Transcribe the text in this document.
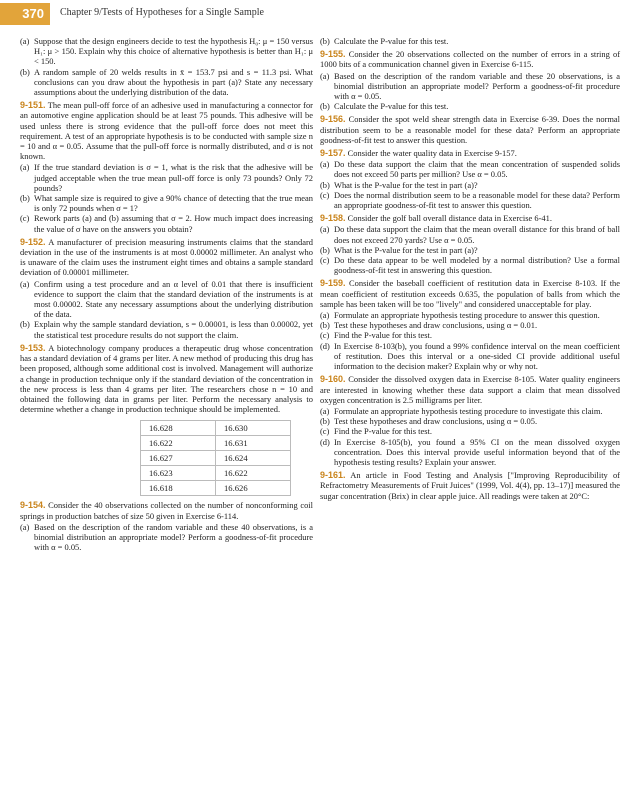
370	Chapter 9/Tests of Hypotheses for a Single Sample
(a) Suppose that the design engineers decide to test the hypothesis H₀: μ = 150 versus H₁: μ > 150. Explain why this choice of alternative hypothesis is better than H₁: μ < 150.
(b) A random sample of 20 welds results in x̄ = 153.7 psi and s = 11.3 psi. What conclusions can you draw about the hypothesis in part (a)? State any necessary assumptions about the underlying distribution of the data.

9-151. The mean pull-off force of an adhesive used in manufacturing a connector for an automotive engine application should be at least 75 pounds. This adhesive will be used unless there is strong evidence that the pull-off force does not meet this requirement. A test of an appropriate hypothesis is to be conducted with sample size n = 10 and α = 0.05. Assume that the pull-off force is normally distributed, and σ is not known.

(a) If the true standard deviation is σ = 1, what is the risk that the adhesive will be judged acceptable when the true mean pull-off force is only 73 pounds? Only 72 pounds?
(b) What sample size is required to give a 90% chance of detecting that the true mean is only 72 pounds when σ = 1?
(c) Rework parts (a) and (b) assuming that σ = 2. How much impact does increasing the value of σ have on the answers you obtain?

9-152. A manufacturer of precision measuring instruments claims that the standard deviation in the use of the instruments is at most 0.00002 millimeter. An analyst who is unaware of the claim uses the instrument eight times and obtains a sample standard deviation of 0.00001 millimeter.

(a) Confirm using a test procedure and an α level of 0.01 that there is insufficient evidence to support the claim that the standard deviation of the instruments is at most 0.00002. State any necessary assumptions about the underlying distribution of the data.
(b) Explain why the sample standard deviation, s = 0.00001, is less than 0.00002, yet the statistical test procedure results do not support the claim.

9-153. A biotechnology company produces a therapeutic drug whose concentration has a standard deviation of 4 grams per liter. A new method of producing this drug has been proposed, although some additional cost is involved. Management will authorize a change in production technique only if the standard deviation of the concentration in the new process is less than 4 grams per liter. The researchers chose n = 10 and obtained the following data in grams per liter. Perform the necessary analysis to determine whether a change in production technique should be implemented.

16.628	16.630
16.622	16.631
16.627	16.624
16.623	16.622
16.618	16.626

9-154. Consider the 40 observations collected on the number of nonconforming coil springs in production batches of size 50 given in Exercise 6-114.

(a) Based on the description of the random variable and these 40 observations, is a binomial distribution an appropriate model? Perform a goodness-of-fit procedure with α = 0.05.
(b) Calculate the P-value for this test.

9-155. Consider the 20 observations collected on the number of errors in a string of 1000 bits of a communication channel given in Exercise 6-115.

(a) Based on the description of the random variable and these 20 observations, is a binomial distribution an appropriate model? Perform a goodness-of-fit procedure with α = 0.05.
(b) Calculate the P-value for this test.

9-156. Consider the spot weld shear strength data in Exercise 6-39. Does the normal distribution seem to be a reasonable model for these data? Perform an appropriate goodness-of-fit test to answer this question.

9-157. Consider the water quality data in Exercise 9-157.

(a) Do these data support the claim that the mean concentration of suspended solids does not exceed 50 parts per million? Use α = 0.05.
(b) What is the P-value for the test in part (a)?
(c) Does the normal distribution seem to be a reasonable model for these data? Perform an appropriate goodness-of-fit test to answer this question.

9-158. Consider the golf ball overall distance data in Exercise 6-41.

(a) Do these data support the claim that the mean overall distance for this brand of ball does not exceed 270 yards? Use α = 0.05.
(b) What is the P-value for the test in part (a)?
(c) Do these data appear to be well modeled by a normal distribution? Use a formal goodness-of-fit test in answering this question.

9-159. Consider the baseball coefficient of restitution data in Exercise 8-103. If the mean coefficient of restitution exceeds 0.635, the population of balls from which the sample has been taken will be too "lively" and considered unacceptable for play.

(a) Formulate an appropriate hypothesis testing procedure to answer this question.
(b) Test these hypotheses and draw conclusions, using α = 0.01.
(c) Find the P-value for this test.
(d) In Exercise 8-103(b), you found a 99% confidence interval on the mean coefficient of restitution. Does this interval or a one-sided CI provide additional useful information to the decision maker? Explain why or why not.

9-160. Consider the dissolved oxygen data in Exercise 8-105. Water quality engineers are interested in knowing whether these data support a claim that mean dissolved oxygen concentration is 2.5 milligrams per liter.

(a) Formulate an appropriate hypothesis testing procedure to investigate this claim.
(b) Test these hypotheses and draw conclusions, using α = 0.05.
(c) Find the P-value for this test.
(d) In Exercise 8-105(b), you found a 95% CI on the mean dissolved oxygen concentration. Does this interval provide useful information beyond that of the hypothesis testing results? Explain your answer.

9-161. An article in Food Testing and Analysis ["Improving Reproducibility of Refractometry Measurements of Fruit Juices" (1999, Vol. 4(4), pp. 13–17)] measured the sugar concentration (Brix) in clear apple juice. All readings were taken at 20°C:
